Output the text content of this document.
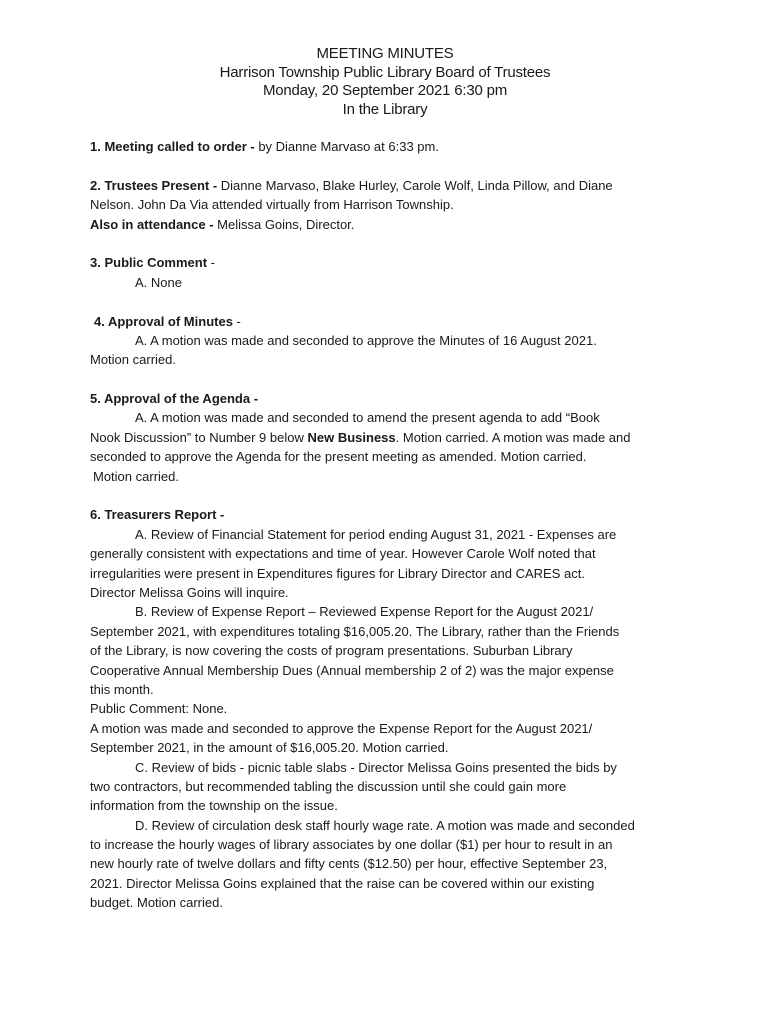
MEETING MINUTES
Harrison Township Public Library Board of Trustees
Monday, 20 September 2021 6:30 pm
In the Library
1. Meeting called to order - by Dianne Marvaso at 6:33 pm.
2. Trustees Present - Dianne Marvaso, Blake Hurley, Carole Wolf, Linda Pillow, and Diane
Nelson. John Da Via attended virtually from Harrison Township.
Also in attendance - Melissa Goins, Director.
3. Public Comment -
A. None
4. Approval of Minutes -
A. A motion was made and seconded to approve the Minutes of 16 August 2021.
Motion carried.
5. Approval of the Agenda -
A. A motion was made and seconded to amend the present agenda to add “Book
Nook Discussion” to Number 9 below New Business. Motion carried. A motion was made and
seconded to approve the Agenda for the present meeting as amended. Motion carried.
Motion carried.
6. Treasurers Report -
A. Review of Financial Statement for period ending August 31, 2021 - Expenses are
generally consistent with expectations and time of year. However Carole Wolf noted that
irregularities were present in Expenditures figures for Library Director and CARES act.
Director Melissa Goins will inquire.
B. Review of Expense Report – Reviewed Expense Report for the August 2021/
September 2021, with expenditures totaling $16,005.20. The Library, rather than the Friends
of the Library, is now covering the costs of program presentations. Suburban Library
Cooperative Annual Membership Dues (Annual membership 2 of 2) was the major expense
this month.
Public Comment: None.
A motion was made and seconded to approve the Expense Report for the August 2021/
September 2021, in the amount of $16,005.20. Motion carried.
C. Review of bids - picnic table slabs - Director Melissa Goins presented the bids by
two contractors, but recommended tabling the discussion until she could gain more
information from the township on the issue.
D. Review of circulation desk staff hourly wage rate. A motion was made and seconded
to increase the hourly wages of library associates by one dollar ($1) per hour to result in an
new hourly rate of twelve dollars and fifty cents ($12.50) per hour, effective September 23,
2021. Director Melissa Goins explained that the raise can be covered within our existing
budget. Motion carried.
